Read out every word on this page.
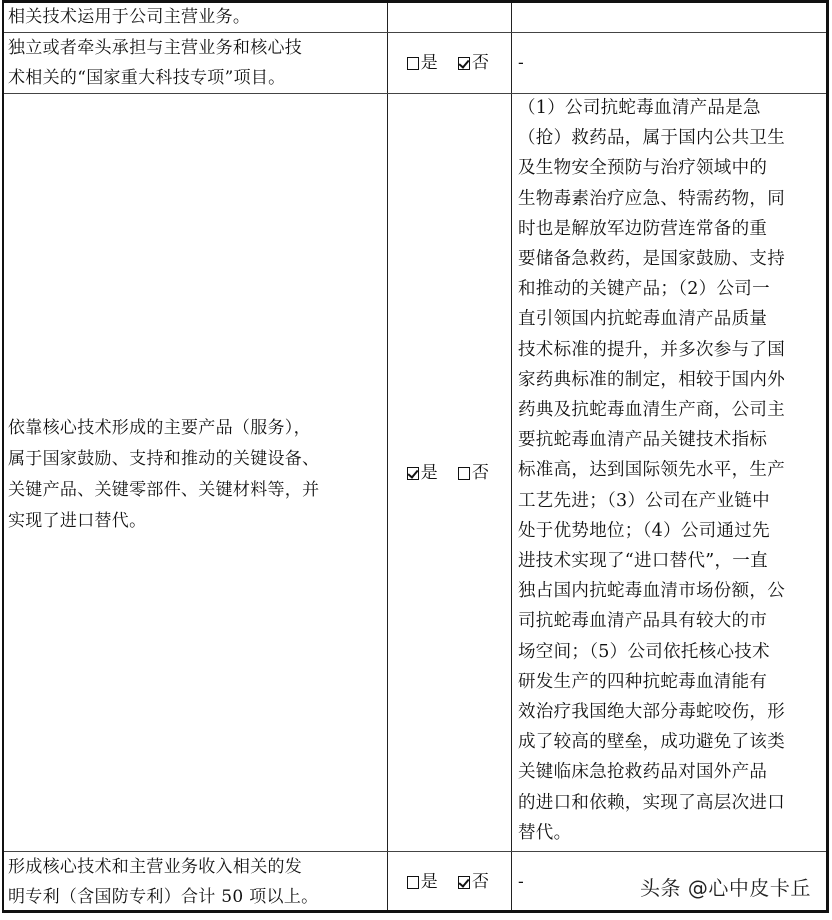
相关技术运用于公司主营业务。
独立或者牵头承担与主营业务和核心技
术相关的“国家重大科技专项”项目。
是 否 -
依靠核心技术形成的主要产品（服务），
属于国家鼓励、支持和推动的关键设备、
关键产品、关键零部件、关键材料等，并
实现了进口替代。
是 否
（1）公司抗蛇毒血清产品是急
（抢）救药品，属于国内公共卫生
及生物安全预防与治疗领域中的
生物毒素治疗应急、特需药物，同
时也是解放军边防营连常备的重
要储备急救药，是国家鼓励、支持
和推动的关键产品；（2）公司一
直引领国内抗蛇毒血清产品质量
技术标准的提升，并多次参与了国
家药典标准的制定，相较于国内外
药典及抗蛇毒血清生产商，公司主
要抗蛇毒血清产品关键技术指标
标准高，达到国际领先水平，生产
工艺先进；（3）公司在产业链中
处于优势地位；（4）公司通过先
进技术实现了“进口替代”，一直
独占国内抗蛇毒血清市场份额，公
司抗蛇毒血清产品具有较大的市
场空间；（5）公司依托核心技术
研发生产的四种抗蛇毒血清能有
效治疗我国绝大部分毒蛇咬伤，形
成了较高的壁垒，成功避免了该类
关键临床急抢救药品对国外产品
的进口和依赖，实现了高层次进口
替代。
形成核心技术和主营业务收入相关的发
明专利（含国防专利）合计 50 项以上。
是 否 -	头条 @心中皮卡丘
